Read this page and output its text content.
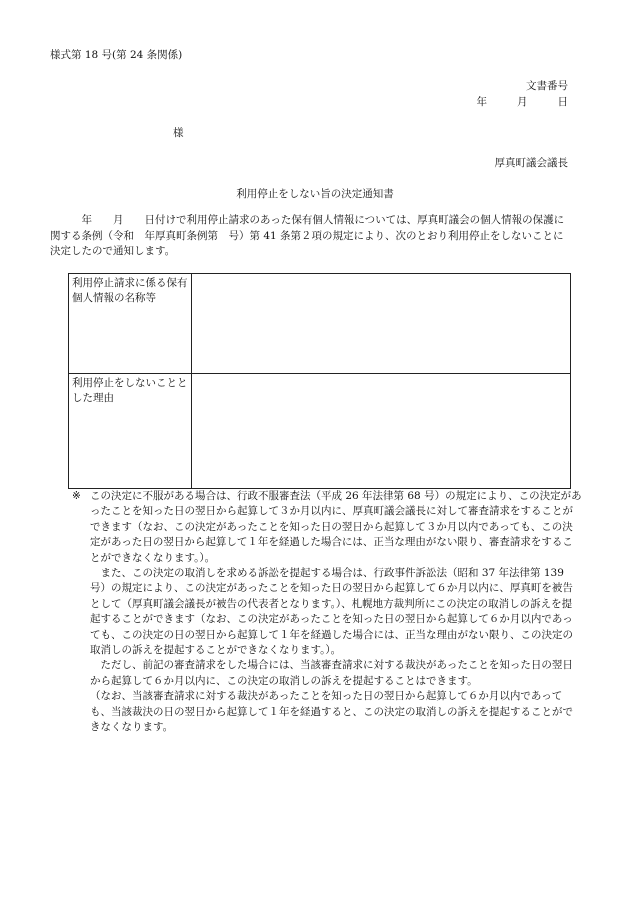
様式第 18 号(第 24 条関係)
文書番号
年	月	日
様
厚真町議会議長
利用停止をしない旨の決定通知書
年　　月　　日付けで利用停止請求のあった保有個人情報については、厚真町議会の個人情報の保護に関する条例（令和　年厚真町条例第　号）第 41 条第２項の規定により、次のとおり利用停止をしないことに決定したので通知します。
利用停止請求に係る保有個人情報の名称等	
利用停止をしないこととした理由	
※ この決定に不服がある場合は、行政不服審査法（平成 26 年法律第 68 号）の規定により、この決定があったことを知った日の翌日から起算して３か月以内に、厚真町議会議長に対して審査請求をすることができます（なお、この決定があったことを知った日の翌日から起算して３か月以内であっても、この決定があった日の翌日から起算して１年を経過した場合には、正当な理由がない限り、審査請求をすることができなくなります。）。

また、この決定の取消しを求める訴訟を提起する場合は、行政事件訴訟法（昭和 37 年法律第 139 号）の規定により、この決定があったことを知った日の翌日から起算して６か月以内に、厚真町を被告として（厚真町議会議長が被告の代表者となります。）、札幌地方裁判所にこの決定の取消しの訴えを提起することができます（なお、この決定があったことを知った日の翌日から起算して６か月以内であっても、この決定の日の翌日から起算して１年を経過した場合には、正当な理由がない限り、この決定の取消しの訴えを提起することができなくなります。）。

ただし、前記の審査請求をした場合には、当該審査請求に対する裁決があったことを知った日の翌日から起算して６か月以内に、この決定の取消しの訴えを提起することはできます。

（なお、当該審査請求に対する裁決があったことを知った日の翌日から起算して６か月以内であっても、当該裁決の日の翌日から起算して１年を経過すると、この決定の取消しの訴えを提起することができなくなります。
